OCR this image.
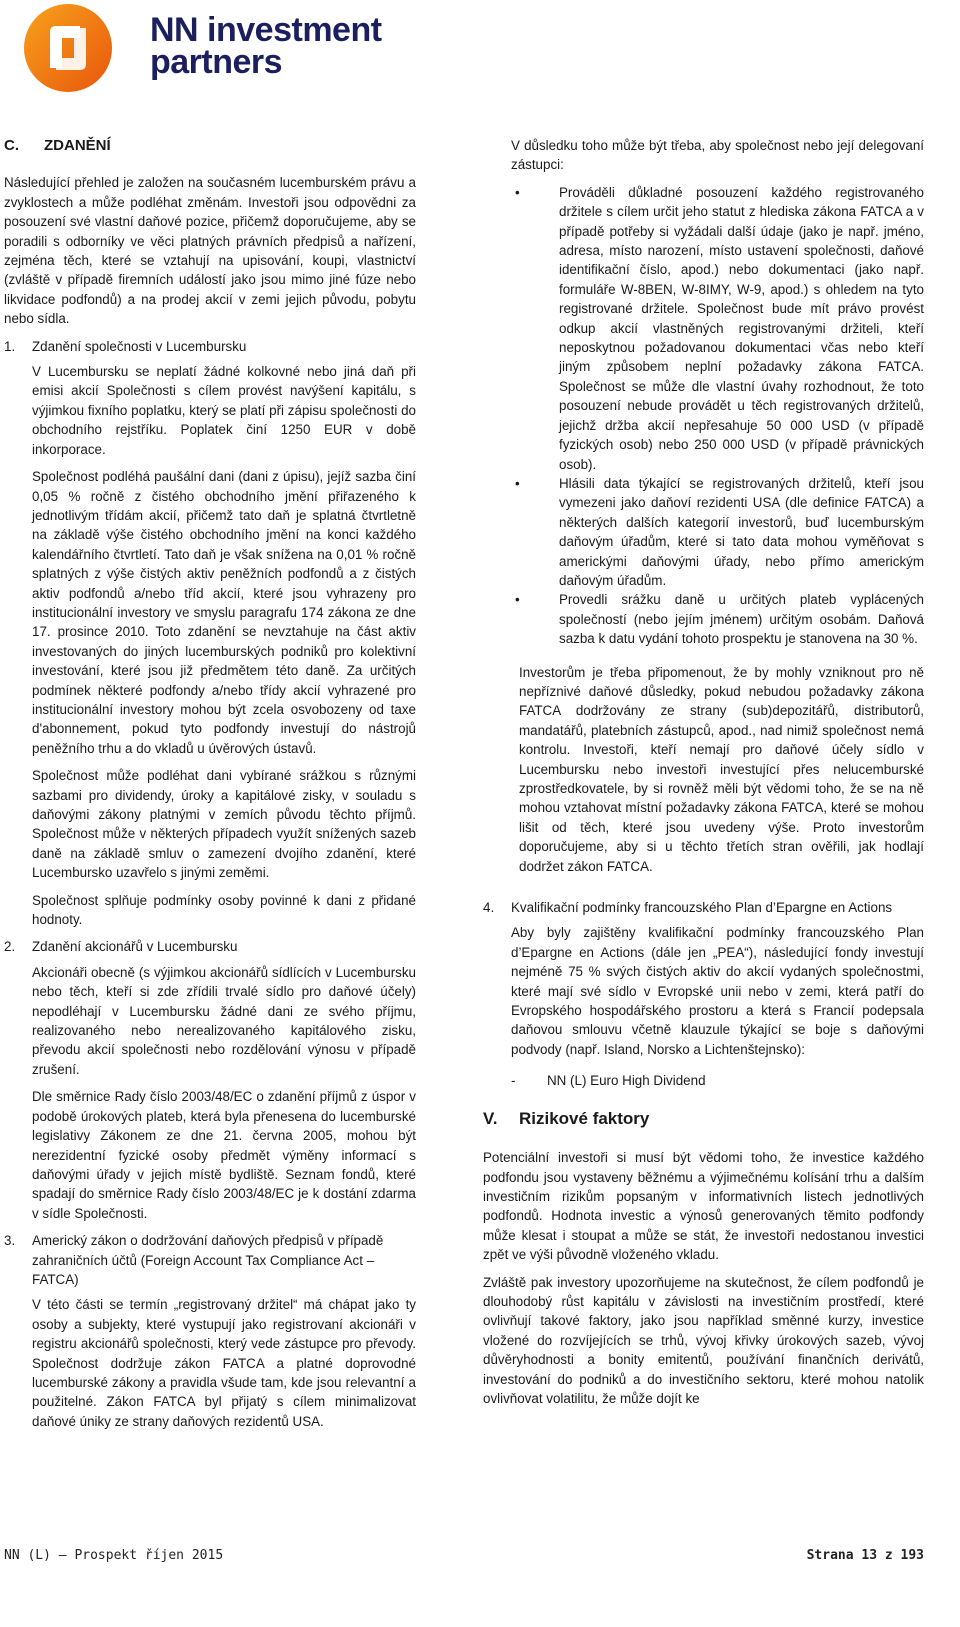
NN investment
partners
C. ZDANĚNÍ

Následující přehled je založen na současném lucemburském právu a zvyklostech a může podléhat změnám. Investoři jsou odpovědni za posouzení své vlastní daňové pozice, přičemž doporučujeme, aby se poradili s odborníky ve věci platných právních předpisů a nařízení, zejména těch, které se vztahují na upisování, koupi, vlastnictví (zvláště v případě firemních událostí jako jsou mimo jiné fúze nebo likvidace podfondů) a na prodej akcií v zemi jejich původu, pobytu nebo sídla.

1.	Zdanění společnosti v Lucembursku

V Lucembursku se neplatí žádné kolkovné nebo jiná daň při emisi akcií Společnosti s cílem provést navýšení kapitálu, s výjimkou fixního poplatku, který se platí při zápisu společnosti do obchodního rejstříku. Poplatek činí 1250 EUR v době inkorporace.

Společnost podléhá paušální dani (dani z úpisu), jejíž sazba činí 0,05 % ročně z čistého obchodního jmění přiřazeného k jednotlivým třídám akcií, přičemž tato daň je splatná čtvrtletně na základě výše čistého obchodního jmění na konci každého kalendářního čtvrtletí. Tato daň je však snížena na 0,01 % ročně splatných z výše čistých aktiv peněžních podfondů a z čistých aktiv podfondů a/nebo tříd akcií, které jsou vyhrazeny pro institucionální investory ve smyslu paragrafu 174 zákona ze dne 17. prosince 2010. Toto zdanění se nevztahuje na část aktiv investovaných do jiných lucemburských podniků pro kolektivní investování, které jsou již předmětem této daně. Za určitých podmínek některé podfondy a/nebo třídy akcií vyhrazené pro institucionální investory mohou být zcela osvobozeny od taxe d'abonnement, pokud tyto podfondy investují do nástrojů peněžního trhu a do vkladů u úvěrových ústavů.

Společnost může podléhat dani vybírané srážkou s různými sazbami pro dividendy, úroky a kapitálové zisky, v souladu s daňovými zákony platnými v zemích původu těchto příjmů. Společnost může v některých případech využít snížených sazeb daně na základě smluv o zamezení dvojího zdanění, které Lucembursko uzavřelo s jinými zeměmi.

Společnost splňuje podmínky osoby povinné k dani z přidané hodnoty.

2.	Zdanění akcionářů v Lucembursku

Akcionáři obecně (s výjimkou akcionářů sídlících v Lucembursku nebo těch, kteří si zde zřídili trvalé sídlo pro daňové účely) nepodléhají v Lucembursku žádné dani ze svého příjmu, realizovaného nebo nerealizovaného kapitálového zisku, převodu akcií společnosti nebo rozdělování výnosu v případě zrušení.

Dle směrnice Rady číslo 2003/48/EC o zdanění příjmů z úspor v podobě úrokových plateb, která byla přenesena do lucemburské legislativy Zákonem ze dne 21. června 2005, mohou být nerezidentní fyzické osoby předmět výměny informací s daňovými úřady v jejich místě bydliště. Seznam fondů, které spadají do směrnice Rady číslo 2003/48/EC je k dostání zdarma v sídle Společnosti.

3.	Americký zákon o dodržování daňových předpisů v případě zahraničních účtů (Foreign Account Tax Compliance Act – FATCA)

V této části se termín „registrovaný držitel“ má chápat jako ty osoby a subjekty, které vystupují jako registrovaní akcionáři v registru akcionářů společnosti, který vede zástupce pro převody. Společnost dodržuje zákon FATCA a platné doprovodné lucemburské zákony a pravidla všude tam, kde jsou relevantní a použitelné. Zákon FATCA byl přijatý s cílem minimalizovat daňové úniky ze strany daňových rezidentů USA.

V důsledku toho může být třeba, aby společnost nebo její delegovaní zástupci:

•	Prováděli důkladné posouzení každého registrovaného držitele s cílem určit jeho statut z hlediska zákona FATCA a v případě potřeby si vyžádali další údaje (jako je např. jméno, adresa, místo narození, místo ustavení společnosti, daňové identifikační číslo, apod.) nebo dokumentaci (jako např. formuláře W-8BEN, W-8IMY, W-9, apod.) s ohledem na tyto registrované držitele. Společnost bude mít právo provést odkup akcií vlastněných registrovanými držiteli, kteří neposkytnou požadovanou dokumentaci včas nebo kteří jiným způsobem neplní požadavky zákona FATCA. Společnost se může dle vlastní úvahy rozhodnout, že toto posouzení nebude provádět u těch registrovaných držitelů, jejichž držba akcií nepřesahuje 50 000 USD (v případě fyzických osob) nebo 250 000 USD (v případě právnických osob).
•	Hlásili data týkající se registrovaných držitelů, kteří jsou vymezeni jako daňoví rezidenti USA (dle definice FATCA) a některých dalších kategorií investorů, buď lucemburským daňovým úřadům, které si tato data mohou vyměňovat s americkými daňovými úřady, nebo přímo americkým daňovým úřadům.
•	Provedli srážku daně u určitých plateb vyplácených společností (nebo jejím jménem) určitým osobám. Daňová sazba k datu vydání tohoto prospektu je stanovena na 30 %.

Investorům je třeba připomenout, že by mohly vzniknout pro ně nepříznivé daňové důsledky, pokud nebudou požadavky zákona FATCA dodržovány ze strany (sub)depozitářů, distributorů, mandatářů, platebních zástupců, apod., nad nimiž společnost nemá kontrolu. Investoři, kteří nemají pro daňové účely sídlo v Lucembursku nebo investoři investující přes nelucemburské zprostředkovatele, by si rovněž měli být vědomi toho, že se na ně mohou vztahovat místní požadavky zákona FATCA, které se mohou lišit od těch, které jsou uvedeny výše. Proto investorům doporučujeme, aby si u těchto třetích stran ověřili, jak hodlají dodržet zákon FATCA.

4.	Kvalifikační podmínky francouzského Plan d’Epargne en Actions

Aby byly zajištěny kvalifikační podmínky francouzského Plan d’Epargne en Actions (dále jen „PEA“), následující fondy investují nejméně 75 % svých čistých aktiv do akcií vydaných společnostmi, které mají své sídlo v Evropské unii nebo v zemi, která patří do Evropského hospodářského prostoru a která s Francií podepsala daňovou smlouvu včetně klauzule týkající se boje s daňovými podvody (např. Island, Norsko a Lichtenštejnsko):

-	NN (L) Euro High Dividend
V.	Rizikové faktory

Potenciální investoři si musí být vědomi toho, že investice každého podfondu jsou vystaveny běžnému a výjimečnému kolísání trhu a dalším investičním rizikům popsaným v informativních listech jednotlivých podfondů. Hodnota investic a výnosů generovaných těmito podfondy může klesat i stoupat a může se stát, že investoři nedostanou investici zpět ve výši původně vloženého vkladu.

Zvláště pak investory upozorňujeme na skutečnost, že cílem podfondů je dlouhodobý růst kapitálu v závislosti na investičním prostředí, které ovlivňují takové faktory, jako jsou například směnné kurzy, investice vložené do rozvíjejících se trhů, vývoj křivky úrokových sazeb, vývoj důvěryhodnosti a bonity emitentů, používání finančních derivátů, investování do podniků a do investičního sektoru, které mohou natolik ovlivňovat volatilitu, že může dojít ke

NN (L) – Prospekt říjen 2015	Strana 13 z 193
